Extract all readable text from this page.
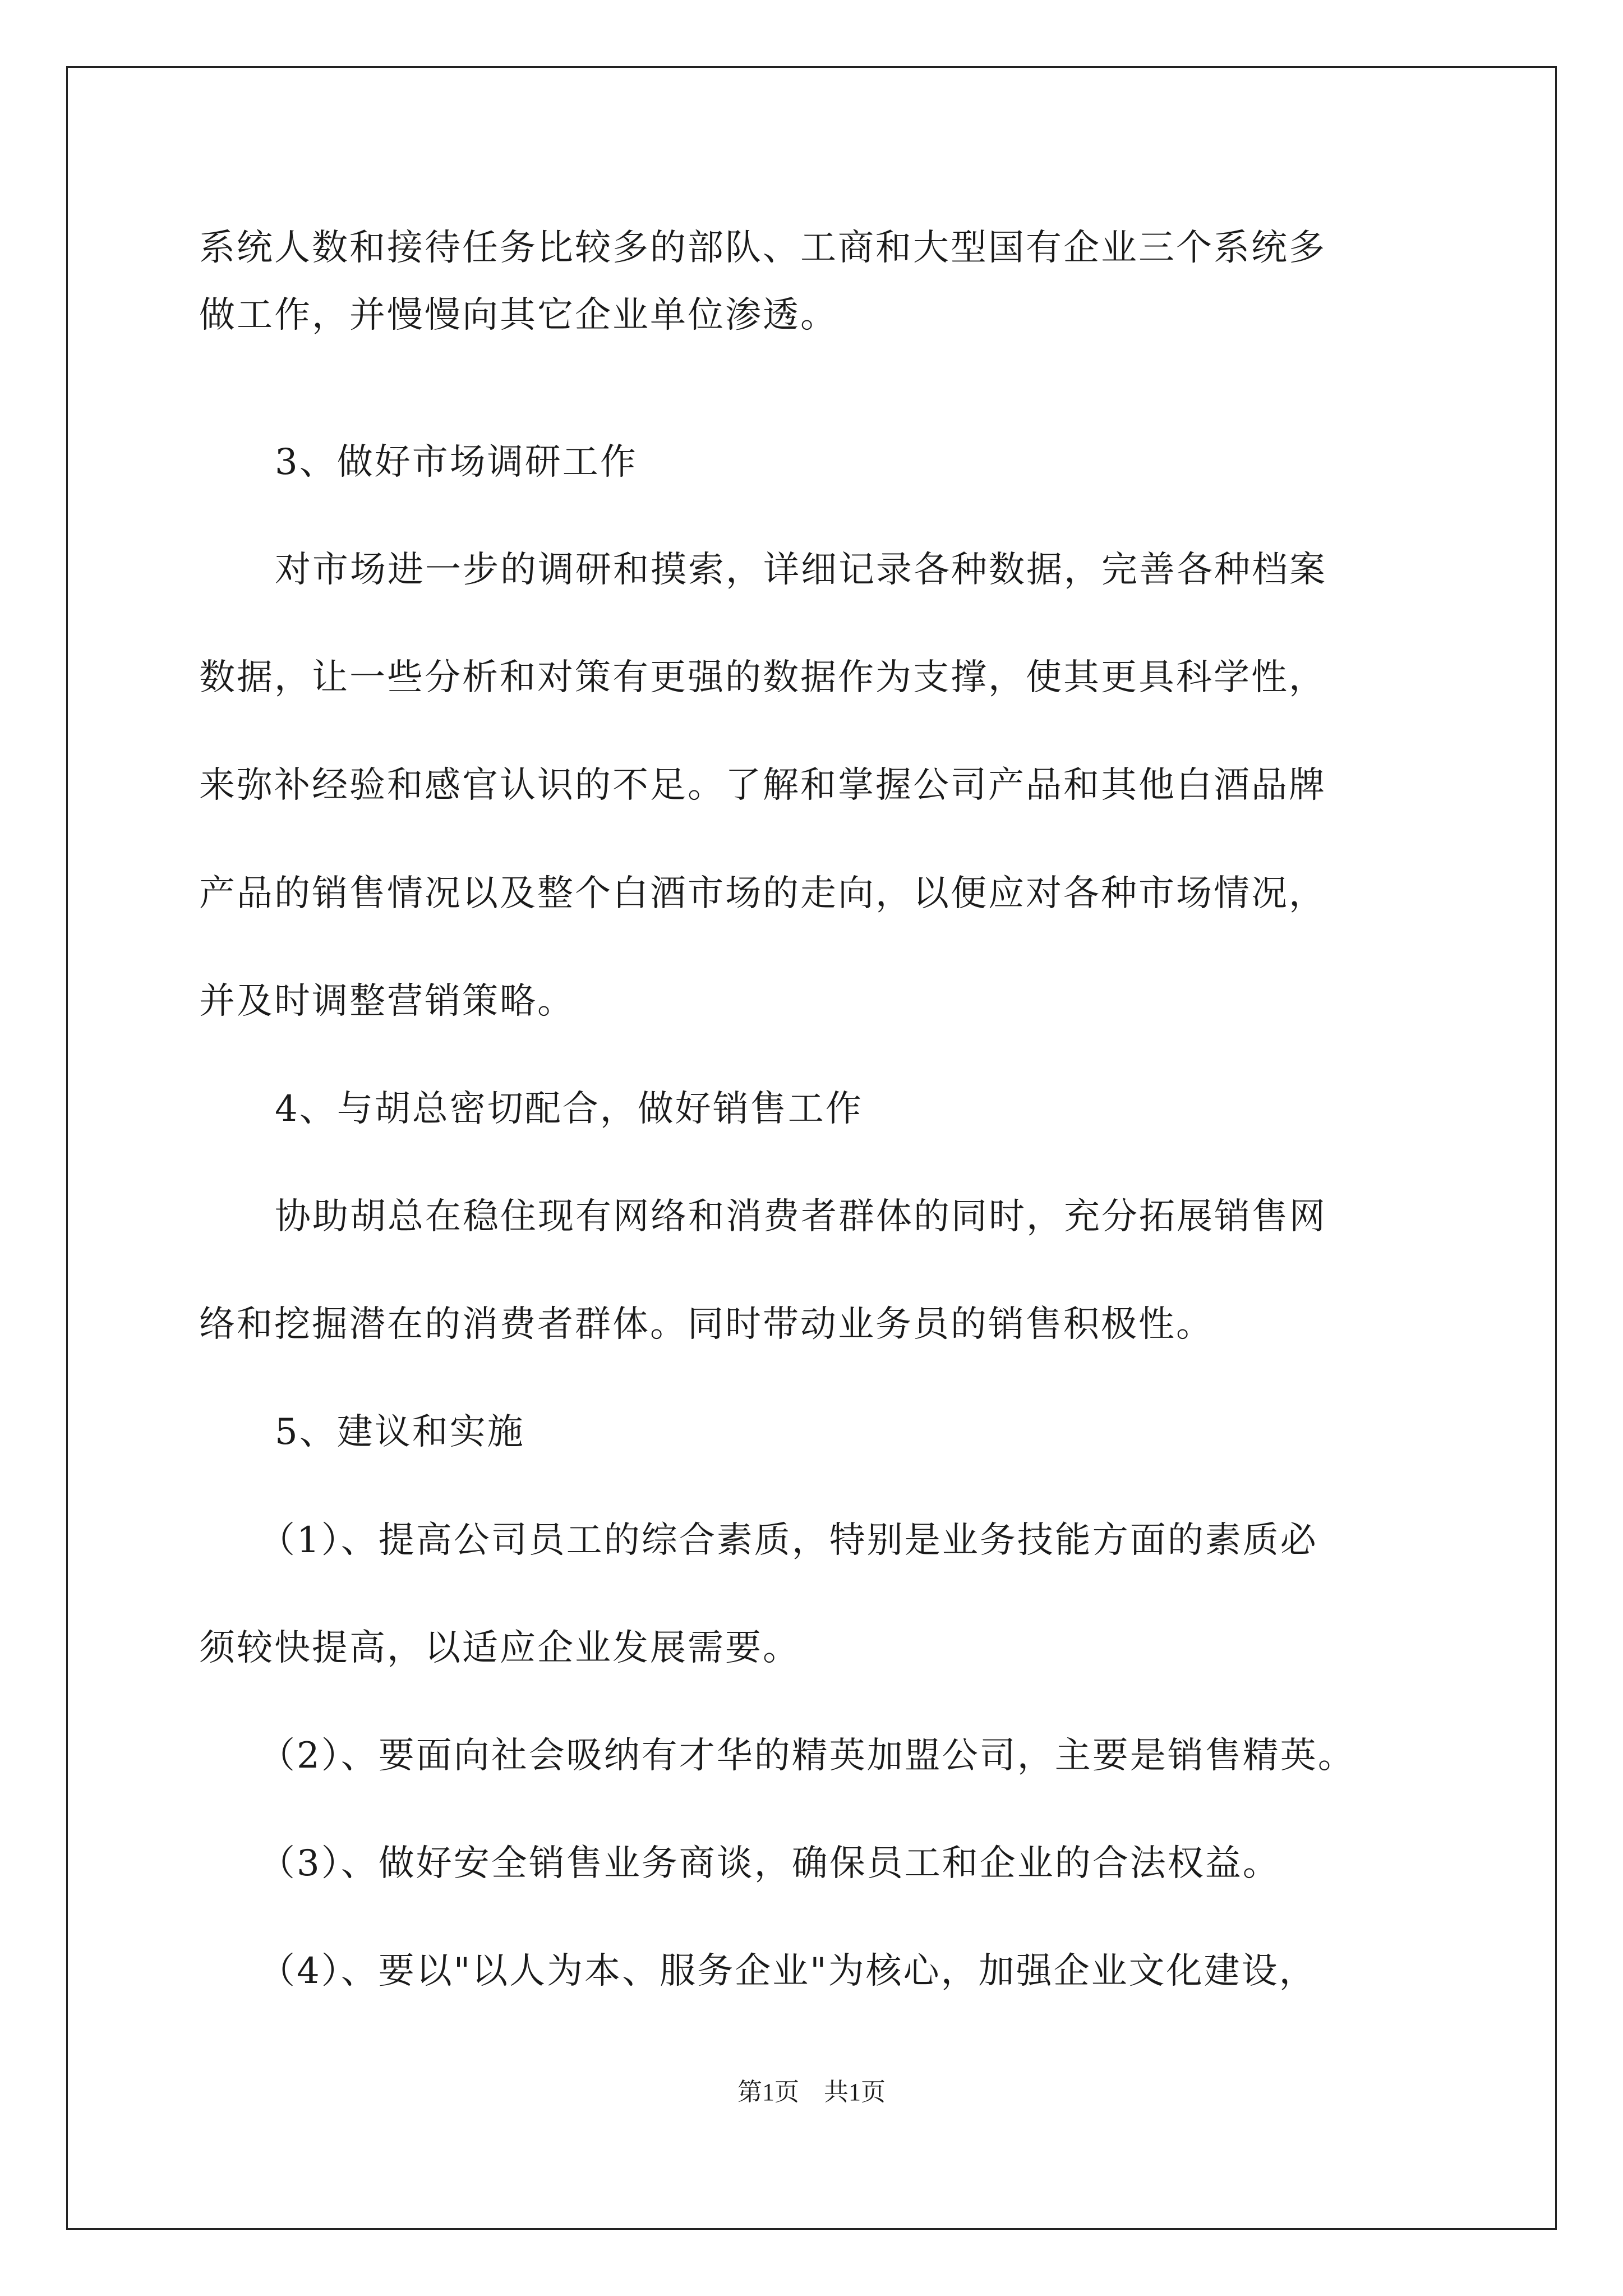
系统人数和接待任务比较多的部队、工商和大型国有企业三个系统多
做工作，并慢慢向其它企业单位渗透。
3、做好市场调研工作
对市场进一步的调研和摸索，详细记录各种数据，完善各种档案
数据，让一些分析和对策有更强的数据作为支撑，使其更具科学性，
来弥补经验和感官认识的不足。了解和掌握公司产品和其他白酒品牌
产品的销售情况以及整个白酒市场的走向，以便应对各种市场情况，
并及时调整营销策略。
4、与胡总密切配合，做好销售工作
协助胡总在稳住现有网络和消费者群体的同时，充分拓展销售网
络和挖掘潜在的消费者群体。同时带动业务员的销售积极性。
5、建议和实施
（1）、提高公司员工的综合素质，特别是业务技能方面的素质必
须较快提高，以适应企业发展需要。
（2）、要面向社会吸纳有才华的精英加盟公司，主要是销售精英。
（3）、做好安全销售业务商谈，确保员工和企业的合法权益。
（4）、要以"以人为本、服务企业"为核心，加强企业文化建设，
第1页　共1页
